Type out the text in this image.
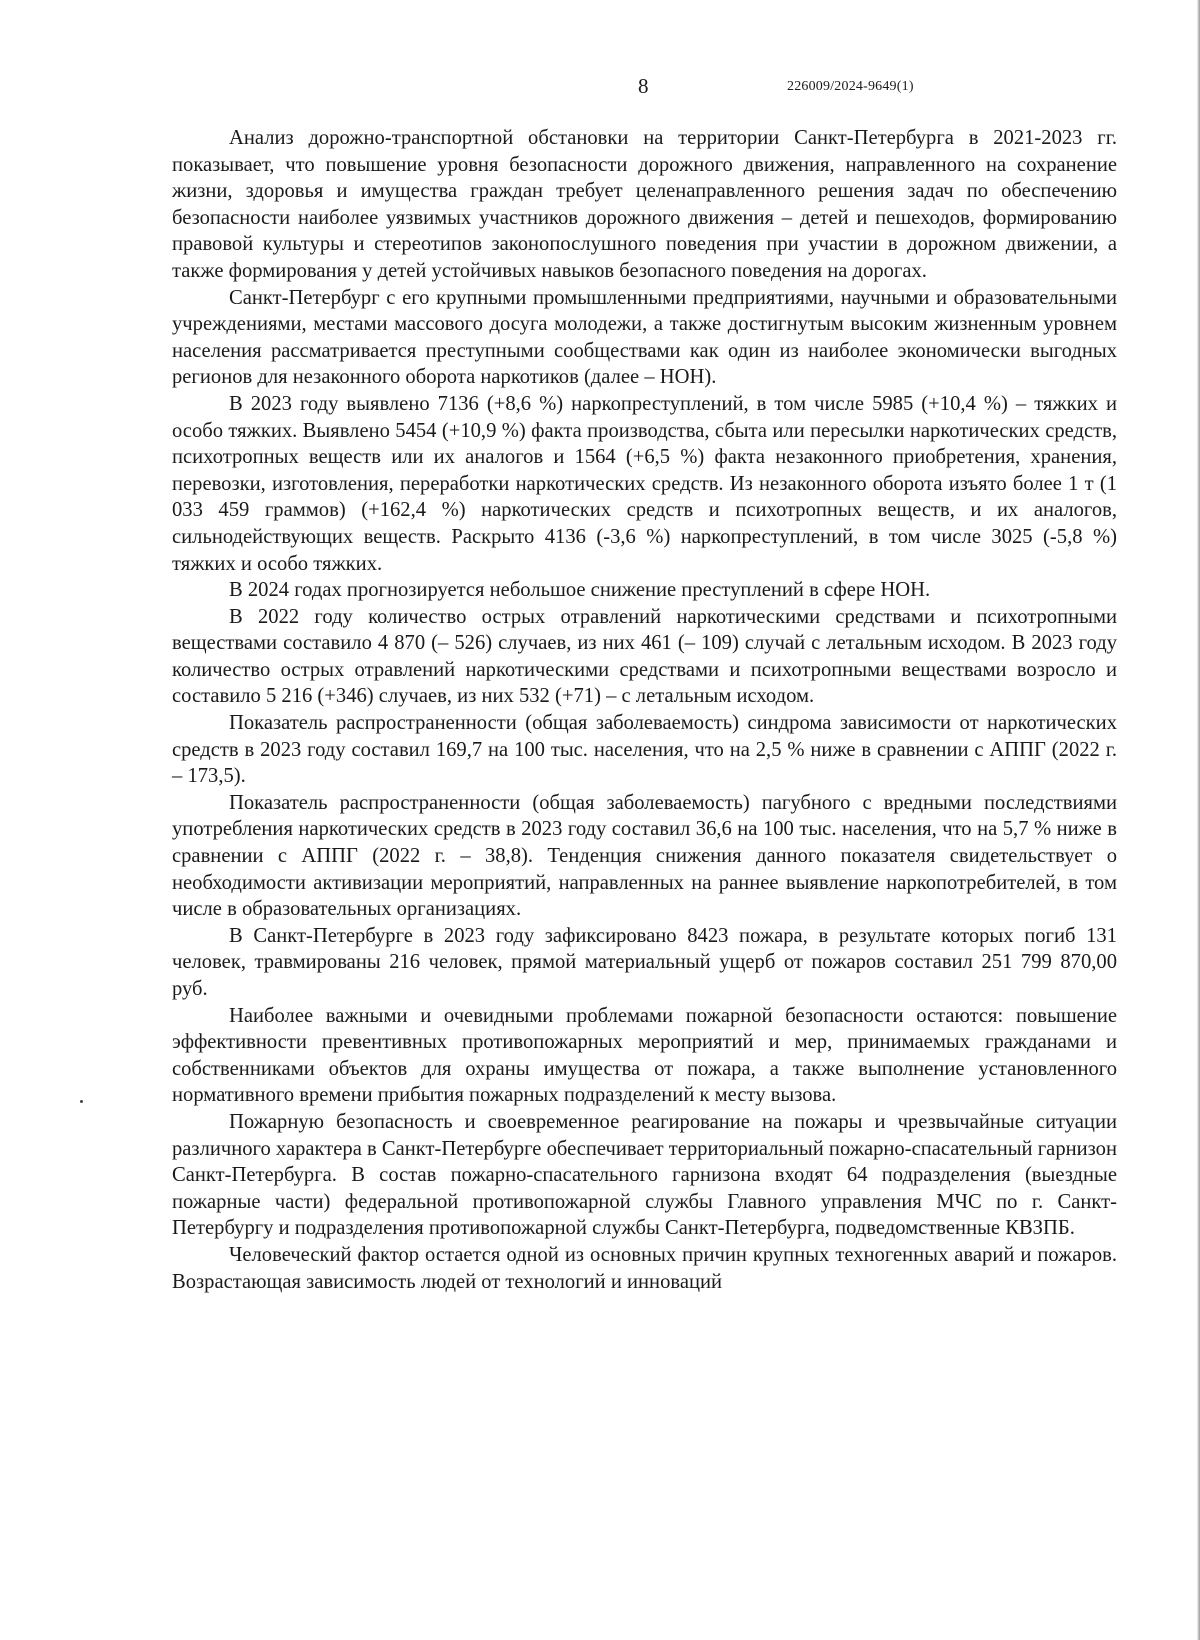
8	226009/2024-9649(1)

Анализ дорожно-транспортной обстановки на территории Санкт-Петербурга в 2021-2023 гг. показывает, что повышение уровня безопасности дорожного движения, направленного на сохранение жизни, здоровья и имущества граждан требует целенаправленного решения задач по обеспечению безопасности наиболее уязвимых участников дорожного движения – детей и пешеходов, формированию правовой культуры и стереотипов законопослушного поведения при участии в дорожном движении, а также формирования у детей устойчивых навыков безопасного поведения на дорогах.

Санкт-Петербург с его крупными промышленными предприятиями, научными и образовательными учреждениями, местами массового досуга молодежи, а также достигнутым высоким жизненным уровнем населения рассматривается преступными сообществами как один из наиболее экономически выгодных регионов для незаконного оборота наркотиков (далее – НОН).

В 2023 году выявлено 7136 (+8,6 %) наркопреступлений, в том числе 5985 (+10,4 %) – тяжких и особо тяжких. Выявлено 5454 (+10,9 %) факта производства, сбыта или пересылки наркотических средств, психотропных веществ или их аналогов и 1564 (+6,5 %) факта незаконного приобретения, хранения, перевозки, изготовления, переработки наркотических средств. Из незаконного оборота изъято более 1 т (1 033 459 граммов) (+162,4 %) наркотических средств и психотропных веществ, и их аналогов, сильнодействующих веществ. Раскрыто 4136 (-3,6 %) наркопреступлений, в том числе 3025 (-5,8 %) тяжких и особо тяжких.

В 2024 годах прогнозируется небольшое снижение преступлений в сфере НОН.

В 2022 году количество острых отравлений наркотическими средствами и психотропными веществами составило 4 870 (– 526) случаев, из них 461 (– 109) случай с летальным исходом. В 2023 году количество острых отравлений наркотическими средствами и психотропными веществами возросло и составило 5 216 (+346) случаев, из них 532 (+71) – с летальным исходом.

Показатель распространенности (общая заболеваемость) синдрома зависимости от наркотических средств в 2023 году составил 169,7 на 100 тыс. населения, что на 2,5 % ниже в сравнении с АППГ (2022 г. – 173,5).

Показатель распространенности (общая заболеваемость) пагубного с вредными последствиями употребления наркотических средств в 2023 году составил 36,6 на 100 тыс. населения, что на 5,7 % ниже в сравнении с АППГ (2022 г. – 38,8). Тенденция снижения данного показателя свидетельствует о необходимости активизации мероприятий, направленных на раннее выявление наркопотребителей, в том числе в образовательных организациях.

В Санкт-Петербурге в 2023 году зафиксировано 8423 пожара, в результате которых погиб 131 человек, травмированы 216 человек, прямой материальный ущерб от пожаров составил 251 799 870,00 руб.

Наиболее важными и очевидными проблемами пожарной безопасности остаются: повышение эффективности превентивных противопожарных мероприятий и мер, принимаемых гражданами и собственниками объектов для охраны имущества от пожара, а также выполнение установленного нормативного времени прибытия пожарных подразделений к месту вызова.

Пожарную безопасность и своевременное реагирование на пожары и чрезвычайные ситуации различного характера в Санкт-Петербурге обеспечивает территориальный пожарно-спасательный гарнизон Санкт-Петербурга. В состав пожарно-спасательного гарнизона входят 64 подразделения (выездные пожарные части) федеральной противопожарной службы Главного управления МЧС по г. Санкт-Петербургу и подразделения противопожарной службы Санкт-Петербурга, подведомственные КВЗПБ.

Человеческий фактор остается одной из основных причин крупных техногенных аварий и пожаров. Возрастающая зависимость людей от технологий и инноваций
